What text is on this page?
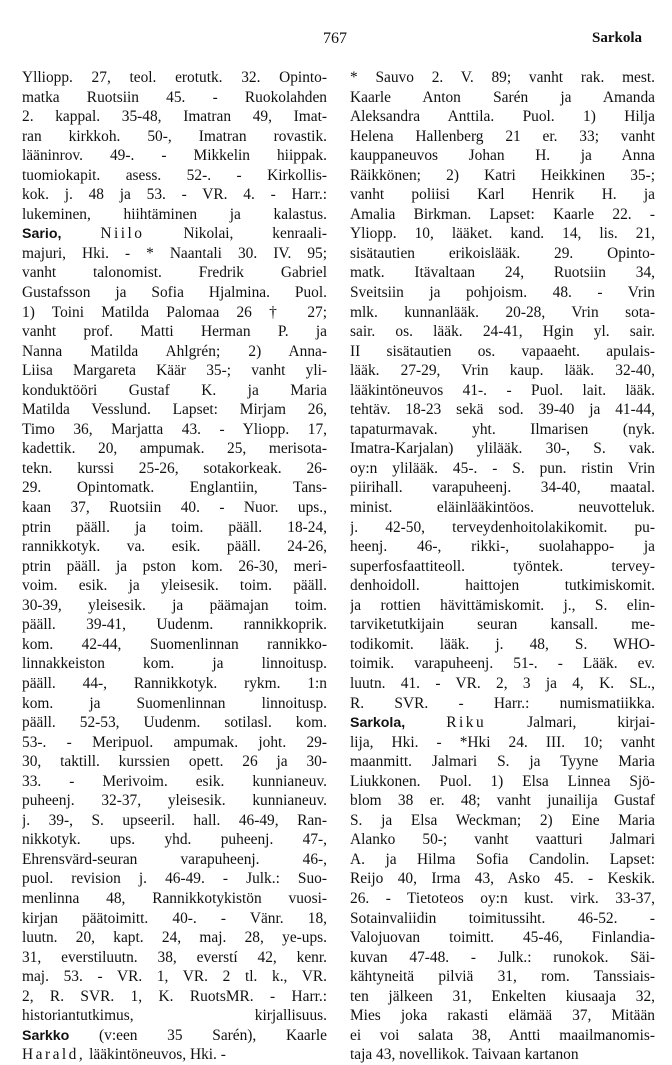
767	Sarkola
Ylliopp. 27, teol. erotutk. 32. Opinto-
matka Ruotsiin 45. - Ruokolahden
2. kappal. 35-48, Imatran 49, Imat-
ran kirkkoh. 50-, Imatran rovastik.
lääninrov. 49-. - Mikkelin hiippak.
tuomiokapit. asess. 52-. - Kirkollis-
kok. j. 48 ja 53. - VR. 4. - Harr.:
lukeminen, hiihtäminen ja kalastus.
Sario,	Niilo	Nikolai, kenraali-
majuri, Hki. - * Naantali 30. IV. 95;
vanht talonomist. Fredrik Gabriel
Gustafsson ja Sofia Hjalmina. Puol.
1) Toini Matilda Palomaa 26 † 27;
vanht prof. Matti Herman P. ja
Nanna Matilda Ahlgrén; 2) Anna-
Liisa Margareta Käär 35-; vanht yli-
konduktööri Gustaf K. ja Maria
Matilda Vesslund. Lapset: Mirjam 26,
Timo 36, Marjatta 43. - Yliopp. 17,
kadettik. 20, ampumak. 25, merisota-
tekn. kurssi 25-26, sotakorkeak. 26-
29. Opintomatk. Englantiin, Tans-
kaan 37, Ruotsiin 40. - Nuor. ups.,
ptrin pääll. ja toim. pääll. 18-24,
rannikkotyk. va. esik. pääll. 24-26,
ptrin pääll. ja pston kom. 26-30, meri-
voim. esik. ja yleisesik. toim. pääll.
30-39, yleisesik. ja päämajan toim.
pääll. 39-41, Uudenm. rannikkoprik.
kom. 42-44, Suomenlinnan rannikko-
linnakkeiston kom. ja linnoitusp.
pääll. 44-, Rannikkotyk. rykm. 1:n
kom. ja Suomenlinnan linnoitusp.
pääll. 52-53, Uudenm. sotilasl. kom.
53-. - Meripuol. ampumak. joht. 29-
30, taktill. kurssien opett. 26 ja 30-
33. - Merivoim. esik. kunnianeuv.
puheenj. 32-37, yleisesik. kunnianeuv.
j. 39-, S. upseeril. hall. 46-49, Ran-
nikkotyk. ups. yhd. puheenj. 47-,
Ehrensvärd-seuran varapuheenj. 46-,
puol. revision j. 46-49. - Julk.: Suo-
menlinna 48, Rannikkotykistön vuosi-
kirjan päätoimitt. 40-. - Vänr. 18,
luutn. 20, kapt. 24, maj. 28, ye-ups.
31, everstiluutn. 38, everstí 42, kenr.
maj. 53. - VR. 1, VR. 2 tl. k., VR.
2, R. SVR. 1, K. RuotsMR. - Harr.:
historiantutkimus, kirjallisuus.
Sarkko (v:een 35 Sarén), Kaarle
Harald, lääkintöneuvos, Hki. -
* Sauvo 2. V. 89; vanht rak. mest.
Kaarle Anton Sarén ja Amanda
Aleksandra Anttila. Puol. 1) Hilja
Helena Hallenberg 21 er. 33; vanht
kauppaneuvos Johan H. ja Anna
Räikkönen; 2) Katri Heikkinen 35-;
vanht poliisi Karl Henrik H. ja
Amalia Birkman. Lapset: Kaarle 22. -
Yliopp. 10, lääket. kand. 14, lis. 21,
sisätautien erikoislääk. 29. Opinto-
matk. Itävaltaan 24, Ruotsiin 34,
Sveitsiin ja pohjoism. 48. - Vrin
mlk. kunnanlääk. 20-28, Vrin sota-
sair. os. lääk. 24-41, Hgin yl. sair.
II sisätautien os. vapaaeht. apulais-
lääk. 27-29, Vrin kaup. lääk. 32-40,
lääkintöneuvos 41-. - Puol. lait. lääk.
tehtäv. 18-23 sekä sod. 39-40 ja 41-44,
tapaturmavak. yht. Ilmarisen (nyk.
Imatra-Karjalan) ylilääk. 30-, S. vak.
oy:n ylilääk. 45-. - S. pun. ristin Vrin
piirihall. varapuheenj. 34-40, maatal.
minist. eläinlääkintöos. neuvotteluk.
j. 42-50, terveydenhoitolakikomit. pu-
heenj. 46-, rikki-, suolahappo- ja
superfosfaattiteoll. työntek. tervey-
denhoidoll. haittojen tutkimiskomit.
ja rottien hävittämiskomit. j., S. elin-
tarviketutkijain seuran kansall. me-
todikomit. lääk. j. 48, S. WHO-
toimik. varapuheenj. 51-. - Lääk. ev.
luutn. 41. - VR. 2, 3 ja 4, K. SL.,
R. SVR. - Harr.: numismatiikka.
Sarkola,	Riku	Jalmari, kirjai-
lija, Hki. - *Hki 24. III. 10; vanht
maanmitt. Jalmari S. ja Tyyne Maria
Liukkonen. Puol. 1) Elsa Linnea Sjö-
blom 38 er. 48; vanht junailija Gustaf
S. ja Elsa Weckman; 2) Eine Maria
Alanko 50-; vanht vaatturi Jalmari
A. ja Hilma Sofia Candolin. Lapset:
Reijo 40, Irma 43, Asko 45. - Keskik.
26. - Tietoteos oy:n kust. virk. 33-37,
Sotainvaliidin toimitussiht. 46-52. -
Valojuovan toimitt. 45-46, Finlandia-
kuvan 47-48. - Julk.: runokok. Säi-
kähtyneitä pilviä 31, rom. Tanssiais-
ten jälkeen 31, Enkelten kiusaaja 32,
Mies joka rakasti elämää 37, Mitään
ei voi salata 38, Antti maailmanomis-
taja 43, novellikok. Taivaan kartanon
